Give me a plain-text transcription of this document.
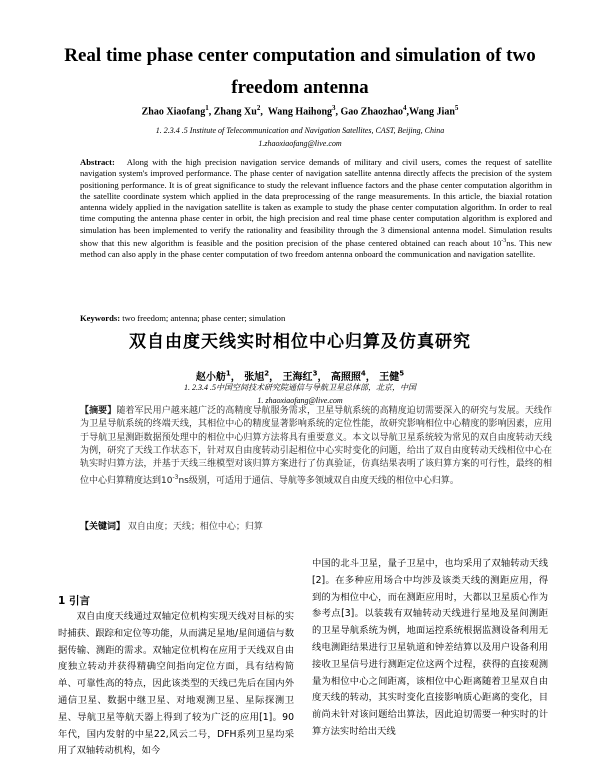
Real time phase center computation and simulation of two freedom antenna
Zhao Xiaofang$^1$, Zhang Xu$^2$,  Wang Haihong$^3$, Gao Zhaozhao$^4$,Wang Jian$^5$
1. 2.3.4 .5 Institute of Telecommunication and Navigation Satellites, CAST, Beijing, China
1.zhaoxiaofang@live.com
Abstract: Along with the high precision navigation service demands of military and civil users, comes the request of satellite navigation system's improved performance. The phase center of navigation satellite antenna directly affects the precision of the system positioning performance. It is of great significance to study the relevant influence factors and the phase center computation algorithm in the satellite coordinate system which applied in the data preprocessing of the range measurements. In this article, the biaxial rotation antenna widely applied in the navigation satellite is taken as example to study the phase center computation algorithm. In order to real time computing the antenna phase center in orbit, the high precision and real time phase center computation algorithm is explored and simulation has been implemented to verify the rationality and feasibility through the 3 dimensional antenna model. Simulation results show that this new algorithm is feasible and the position precision of the phase centered obtained can reach about $10^{-3}ns$. This new method can also apply in the phase center computation of two freedom antenna onboard the communication and navigation satellite.
Keywords: two freedom; antenna; phase center; simulation
双自由度天线实时相位中心归算及仿真研究
赵小舫$^1$， 张旭$^2$， 王海红$^3$， 高照照$^4$， 王健$^5$
1. 2.3.4 .5中国空间技术研究院通信与导航卫星总体部，北京，中国
1. zhaoxiaofang@live.com
【摘要】随着军民用户越来越广泛的高精度导航服务需求，卫星导航系统的高精度迫切需要深入的研究与发展。天线作为卫星导航系统的终端天线，其相位中心的精度显著影响系统的定位性能，故研究影响相位中心精度的影响因素，应用于导航卫星测距数据预处理中的相位中心归算方法将具有重要意义。本文以导航卫星系统较为常见的双自由度转动天线为例，研究了天线工作状态下，针对双自由度转动引起相位中心实时变化的问题，给出了双自由度转动天线相位中心在轨实时归算方法，并基于天线三维模型对该归算方案进行了仿真验证，仿真结果表明了该归算方案的可行性，最终的相位中心归算精度达到$10^{-3}ns$级别，可适用于通信、导航等多领域双自由度天线的相位中心归算。
【关键词】 双自由度；天线；相位中心；归算
1 引言
双自由度天线通过双轴定位机构实现天线对目标的实时捕获、跟踪和定位等功能，从而满足星地/星间通信与数据传输、测距的需求。双轴定位机构在应用于天线双自由度独立转动并获得精确空间指向定位方面，具有结构简单、可靠性高的特点，因此该类型的天线已先后在国内外通信卫星、数据中继卫星、对地观测卫星、星际探测卫星、导航卫星等航天器上得到了较为广泛的应用[1]。90年代，国内发射的中星22,风云二号，DFH系列卫星均采用了双轴转动机构，如今
中国的北斗卫星，量子卫星中，也均采用了双轴转动天线[2]。在多种应用场合中均涉及该类天线的测距应用，得到的为相位中心，而在测距应用时，大都以卫星质心作为参考点[3]。以装载有双轴转动天线进行星地及星间测距的卫星导航系统为例，地面运控系统根据监测设备利用无线电测距结果进行卫星轨道和钟差结算以及用户设备利用接收卫星信号进行测距定位这两个过程，获得的直接观测量为相位中心之间距离，该相位中心距离随着卫星双自由度天线的转动，其实时变化直接影响质心距离的变化，目前尚未针对该问题给出算法，因此迫切需要一种实时的计算方法实时给出天线
